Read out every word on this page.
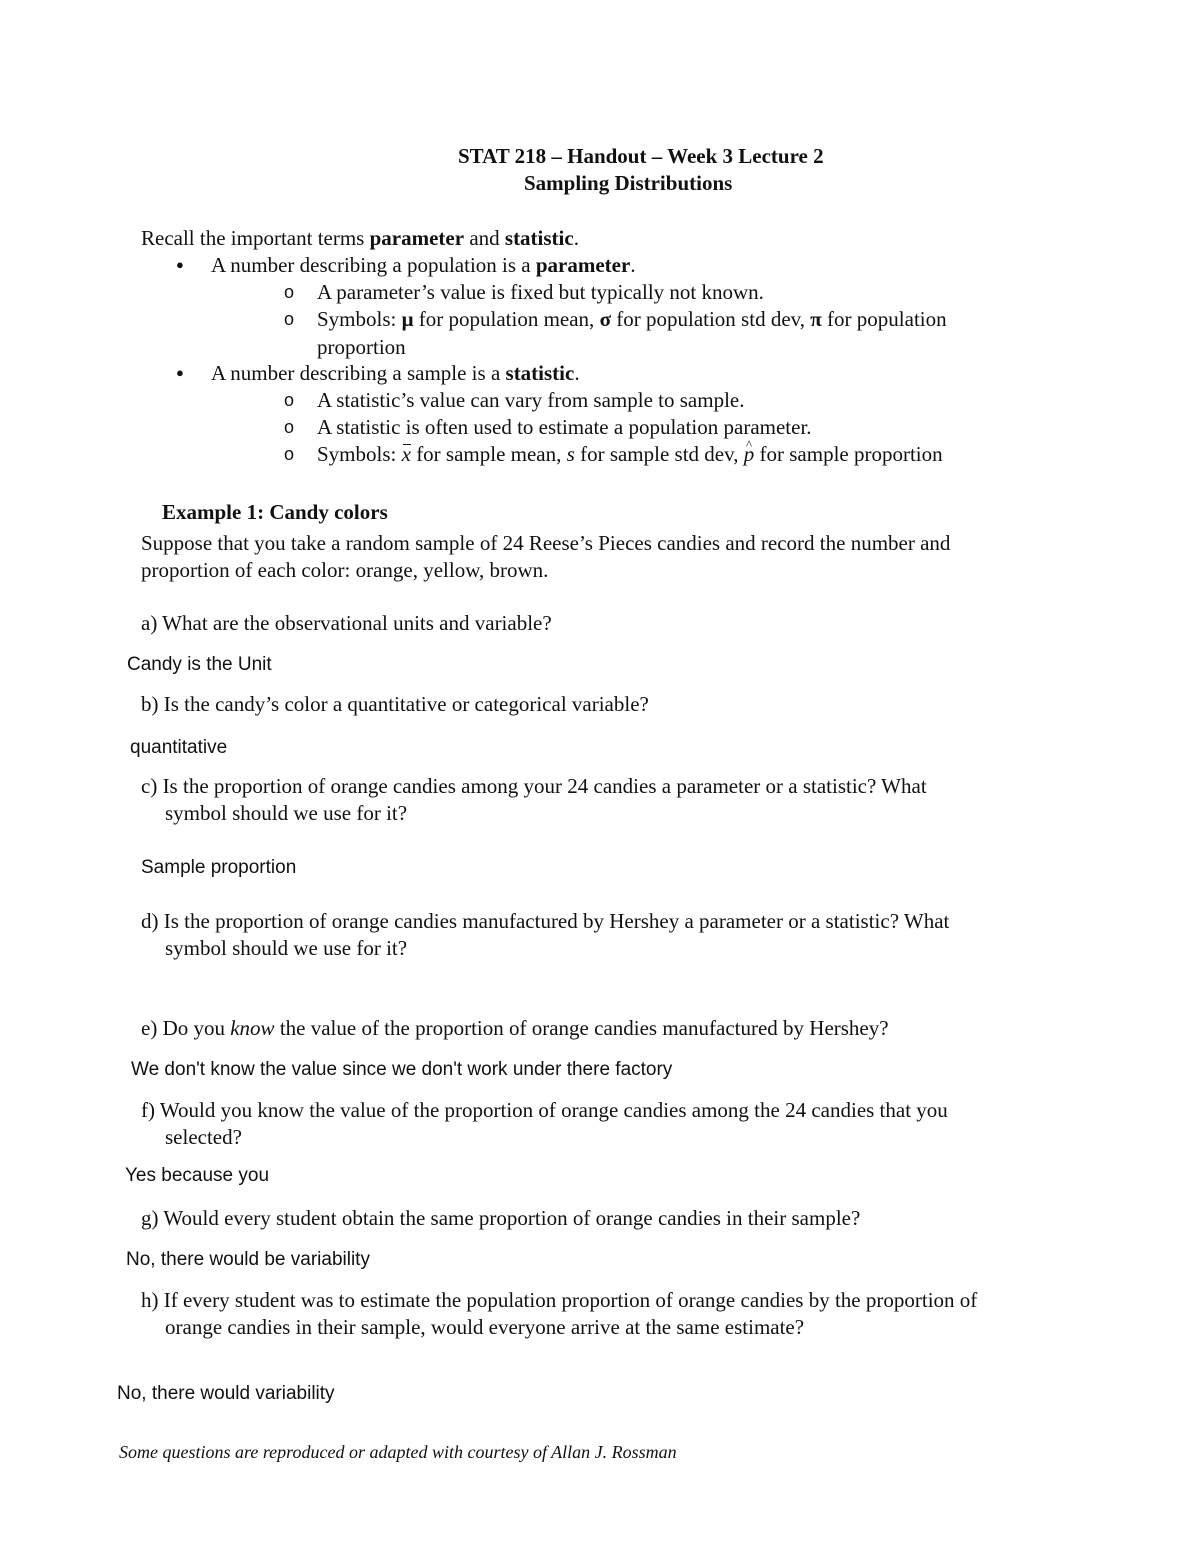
STAT 218 – Handout – Week 3 Lecture 2
Sampling Distributions
Recall the important terms parameter and statistic.
● A number describing a population is a parameter.
o A parameter’s value is fixed but typically not known.
o Symbols: μ for population mean, σ for population std dev, π for population
proportion
● A number describing a sample is a statistic.
o A statistic’s value can vary from sample to sample.
o A statistic is often used to estimate a population parameter.
o Symbols: x for sample mean, s for sample std dev, ^ p for sample proportion
Example 1: Candy colors
Suppose that you take a random sample of 24 Reese’s Pieces candies and record the number and
proportion of each color: orange, yellow, brown.
a) What are the observational units and variable?
Candy is the Unit
b) Is the candy’s color a quantitative or categorical variable?
quantitative
c) Is the proportion of orange candies among your 24 candies a parameter or a statistic? What
symbol should we use for it?
Sample proportion
d) Is the proportion of orange candies manufactured by Hershey a parameter or a statistic? What
symbol should we use for it?
e) Do you know the value of the proportion of orange candies manufactured by Hershey?
We don't know the value since we don't work under there factory
f) Would you know the value of the proportion of orange candies among the 24 candies that you
selected?
Yes because you
g) Would every student obtain the same proportion of orange candies in their sample?
No, there would be variability
h) If every student was to estimate the population proportion of orange candies by the proportion of
orange candies in their sample, would everyone arrive at the same estimate?
No, there would variability
Some questions are reproduced or adapted with courtesy of Allan J. Rossman
